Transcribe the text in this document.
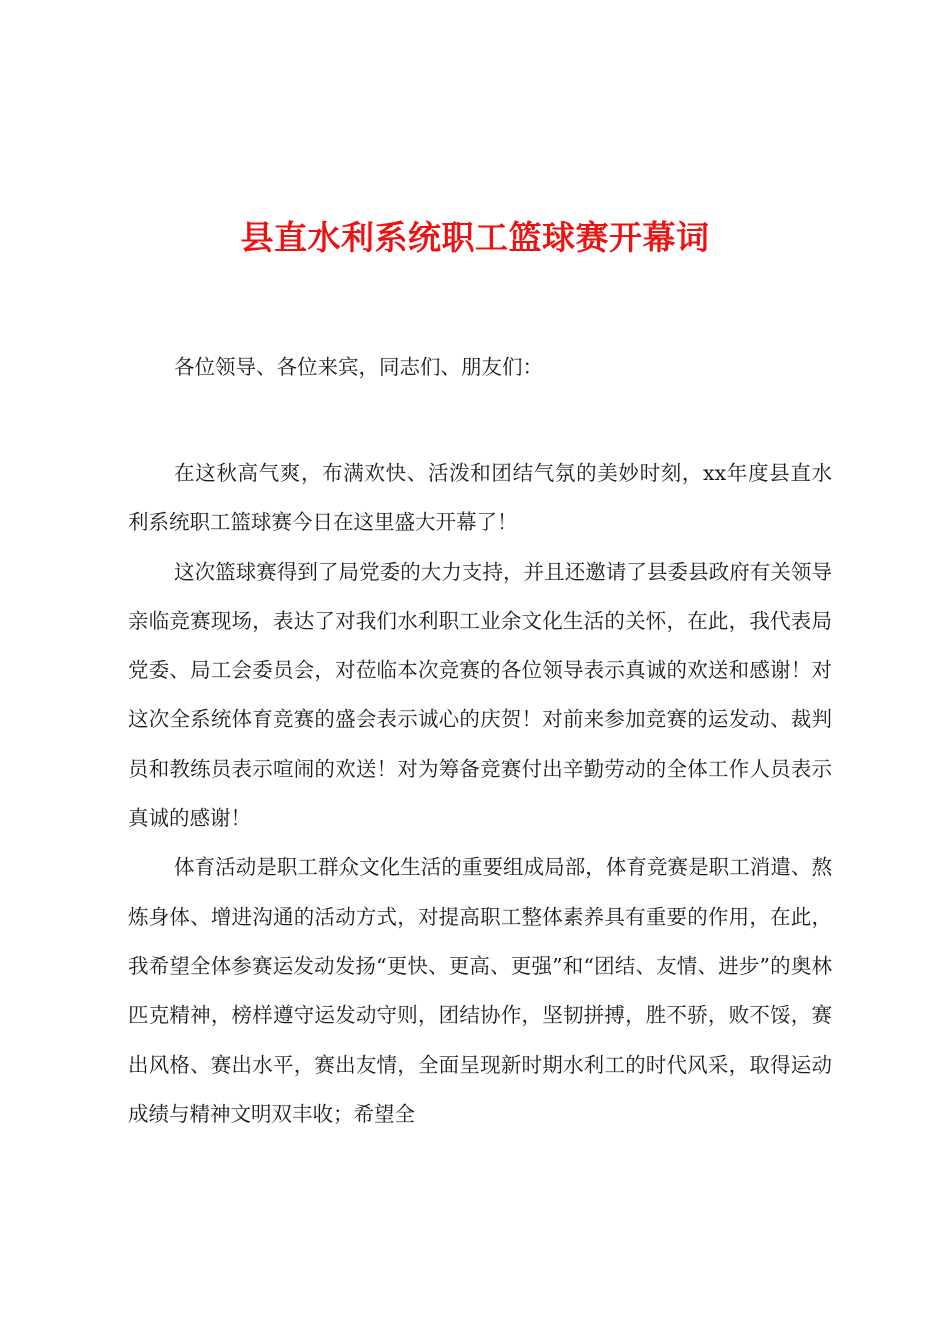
县直水利系统职工篮球赛开幕词

各位领导、各位来宾，同志们、朋友们：

在这秋高气爽，布满欢快、活泼和团结气氛的美妙时刻，xx年度县直水利系统职工篮球赛今日在这里盛大开幕了！

这次篮球赛得到了局党委的大力支持，并且还邀请了县委县政府有关领导亲临竞赛现场，表达了对我们水利职工业余文化生活的关怀，在此，我代表局党委、局工会委员会，对莅临本次竞赛的各位领导表示真诚的欢送和感谢！对这次全系统体育竞赛的盛会表示诚心的庆贺！对前来参加竞赛的运发动、裁判员和教练员表示喧闹的欢送！对为筹备竞赛付出辛勤劳动的全体工作人员表示真诚的感谢！

体育活动是职工群众文化生活的重要组成局部，体育竞赛是职工消遣、熬炼身体、增进沟通的活动方式，对提高职工整体素养具有重要的作用，在此，我希望全体参赛运发动发扬“更快、更高、更强”和“团结、友情、进步”的奥林匹克精神，榜样遵守运发动守则，团结协作，坚韧拼搏，胜不骄，败不馁，赛出风格、赛出水平，赛出友情，全面呈现新时期水利工的时代风采，取得运动成绩与精神文明双丰收；希望全
